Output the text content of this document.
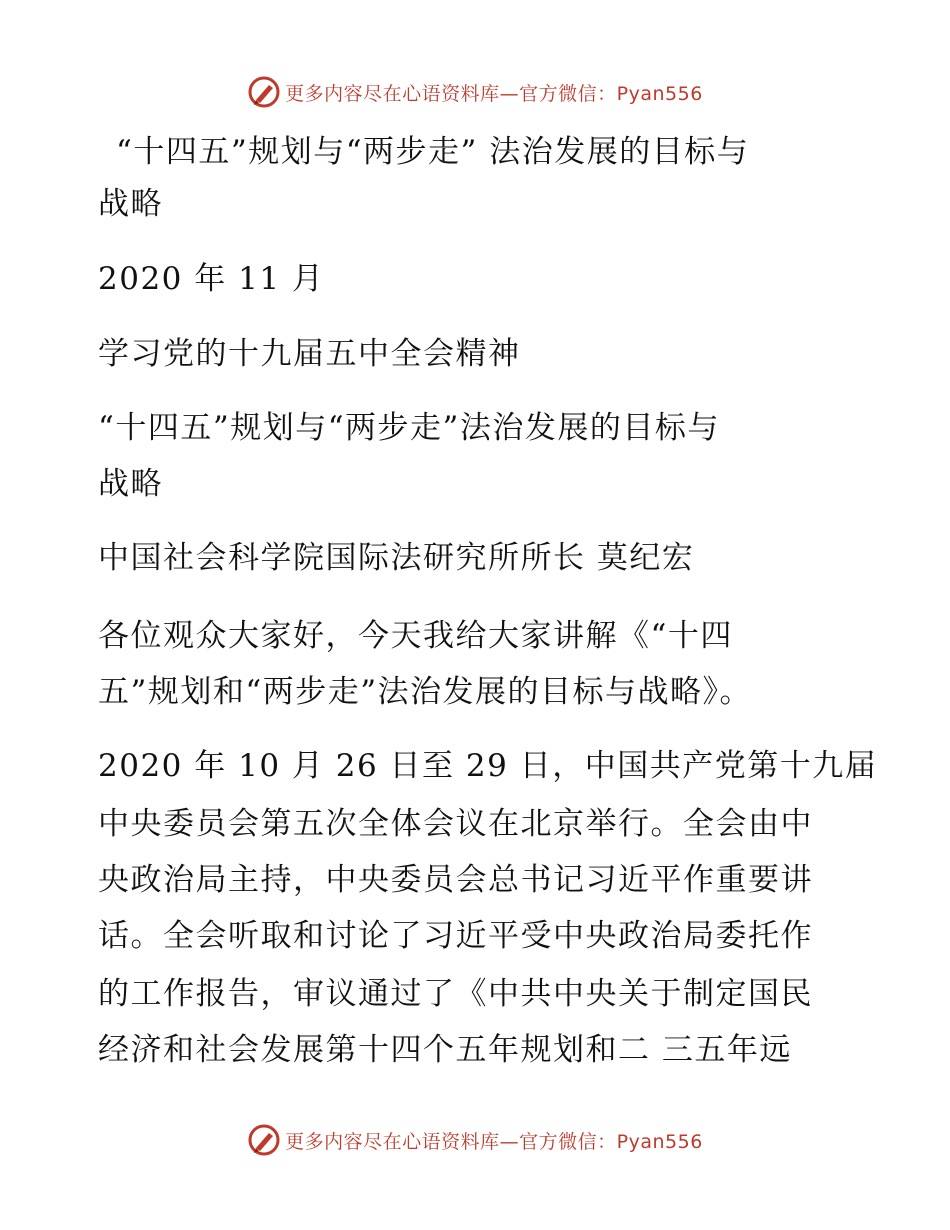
更多内容尽在心语资料库—官方微信：Pyan556
“十四五”规划与“两步走” 法治发展的目标与
战略
2020 年 11 月
学习党的十九届五中全会精神
“十四五”规划与“两步走”法治发展的目标与
战略
中国社会科学院国际法研究所所长 莫纪宏
各位观众大家好，今天我给大家讲解《“十四
五”规划和“两步走”法治发展的目标与战略》。
2020 年 10 月 26 日至 29 日，中国共产党第十九届
中央委员会第五次全体会议在北京举行。全会由中
央政治局主持，中央委员会总书记习近平作重要讲
话。全会听取和讨论了习近平受中央政治局委托作
的工作报告，审议通过了《中共中央关于制定国民
经济和社会发展第十四个五年规划和二 三五年远
更多内容尽在心语资料库—官方微信：Pyan556
